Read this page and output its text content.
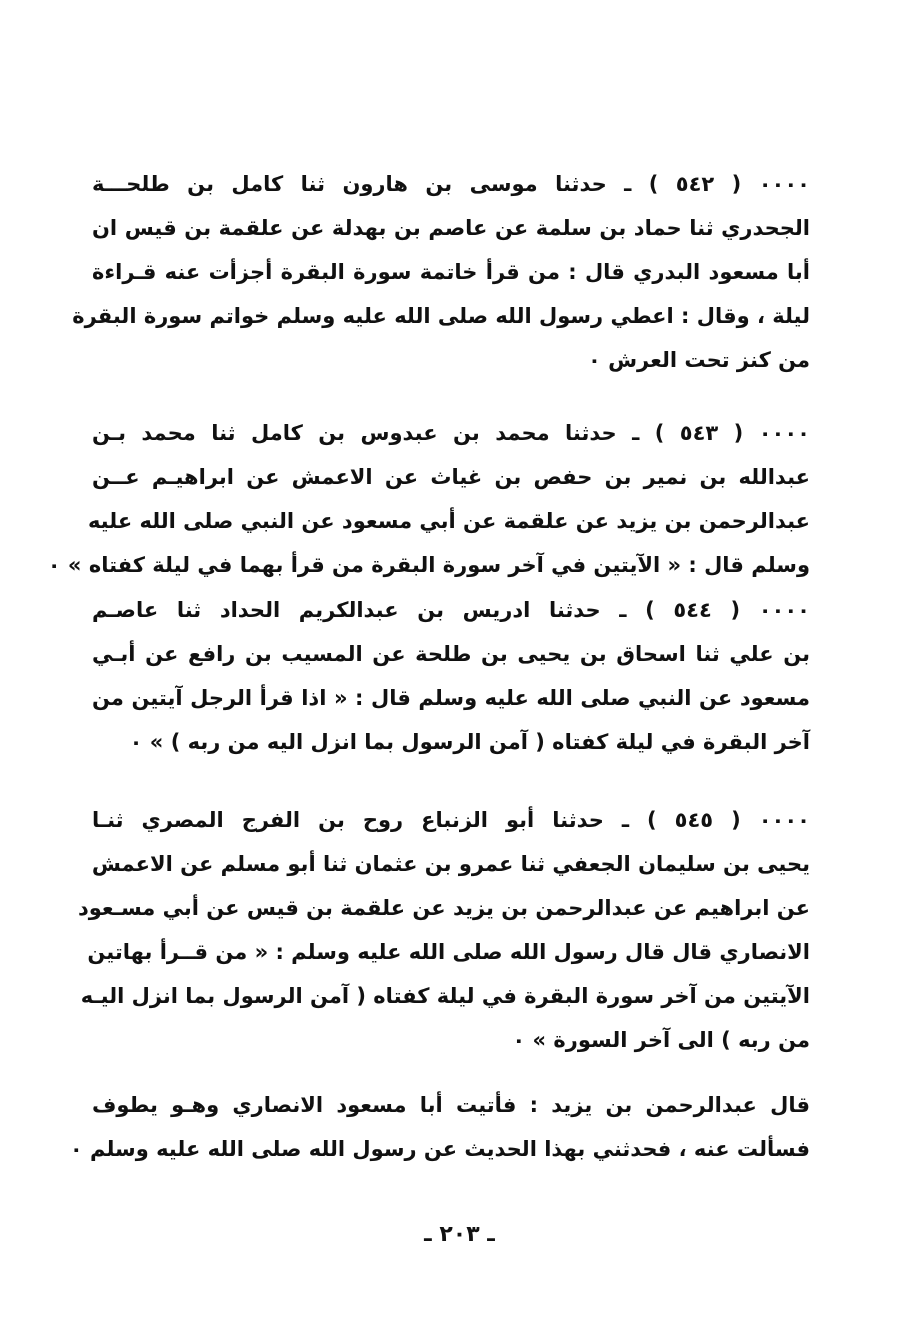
٠٠٠٠ ( ٥٤٢ ) ـ حدثنا موسى بن هارون ثنا كامل بن طلحـــة
الجحدري ثنا حماد بن سلمة عن عاصم بن بهدلة عن علقمة بن قيس ان
أبا مسعود البدري قال : من قرأ خاتمة سورة البقرة أجزأت عنه قـراءة
ليلة ، وقال : اعطي رسول الله صلى الله عليه وسلم خواتم سورة البقرة
من كنز تحت العرش ٠
٠٠٠٠ ( ٥٤٣ ) ـ حدثنا محمد بن عبدوس بن كامل ثنا محمد بـن
عبدالله بن نمير بن حفص بن غياث عن الاعمش عن ابراهيـم عــن
عبدالرحمن بن يزيد عن علقمة عن أبي مسعود عن النبي صلى الله عليه
وسلم قال : « الآيتين في آخر سورة البقرة من قرأ بهما في ليلة كفتاه » ٠
٠٠٠٠ ( ٥٤٤ ) ـ حدثنا ادريس بن عبدالكريم الحداد ثنا عاصـم
بن علي ثنا اسحاق بن يحيى بن طلحة عن المسيب بن رافع عن أبـي
مسعود عن النبي صلى الله عليه وسلم قال : « اذا قرأ الرجل آيتين من
آخر البقرة في ليلة كفتاه ( آمن الرسول بما انزل اليه من ربه ) » ٠
٠٠٠٠ ( ٥٤٥ ) ـ حدثنا أبو الزنباع روح بن الفرج المصري ثنـا
يحيى بن سليمان الجعفي ثنا عمرو بن عثمان ثنا أبو مسلم عن الاعمش
عن ابراهيم عن عبدالرحمن بن يزيد عن علقمة بن قيس عن أبي مسـعود
الانصاري قال قال رسول الله صلى الله عليه وسلم : « من قــرأ بهاتين
الآيتين من آخر سورة البقرة في ليلة كفتاه ( آمن الرسول بما انزل اليـه
من ربه ) الى آخر السورة » ٠
قال عبدالرحمن بن يزيد : فأتيت أبا مسعود الانصاري وهـو يطوف
فسألت عنه ، فحدثني بهذا الحديث عن رسول الله صلى الله عليه وسلم ٠
ـ ٢٠٣ ـ
